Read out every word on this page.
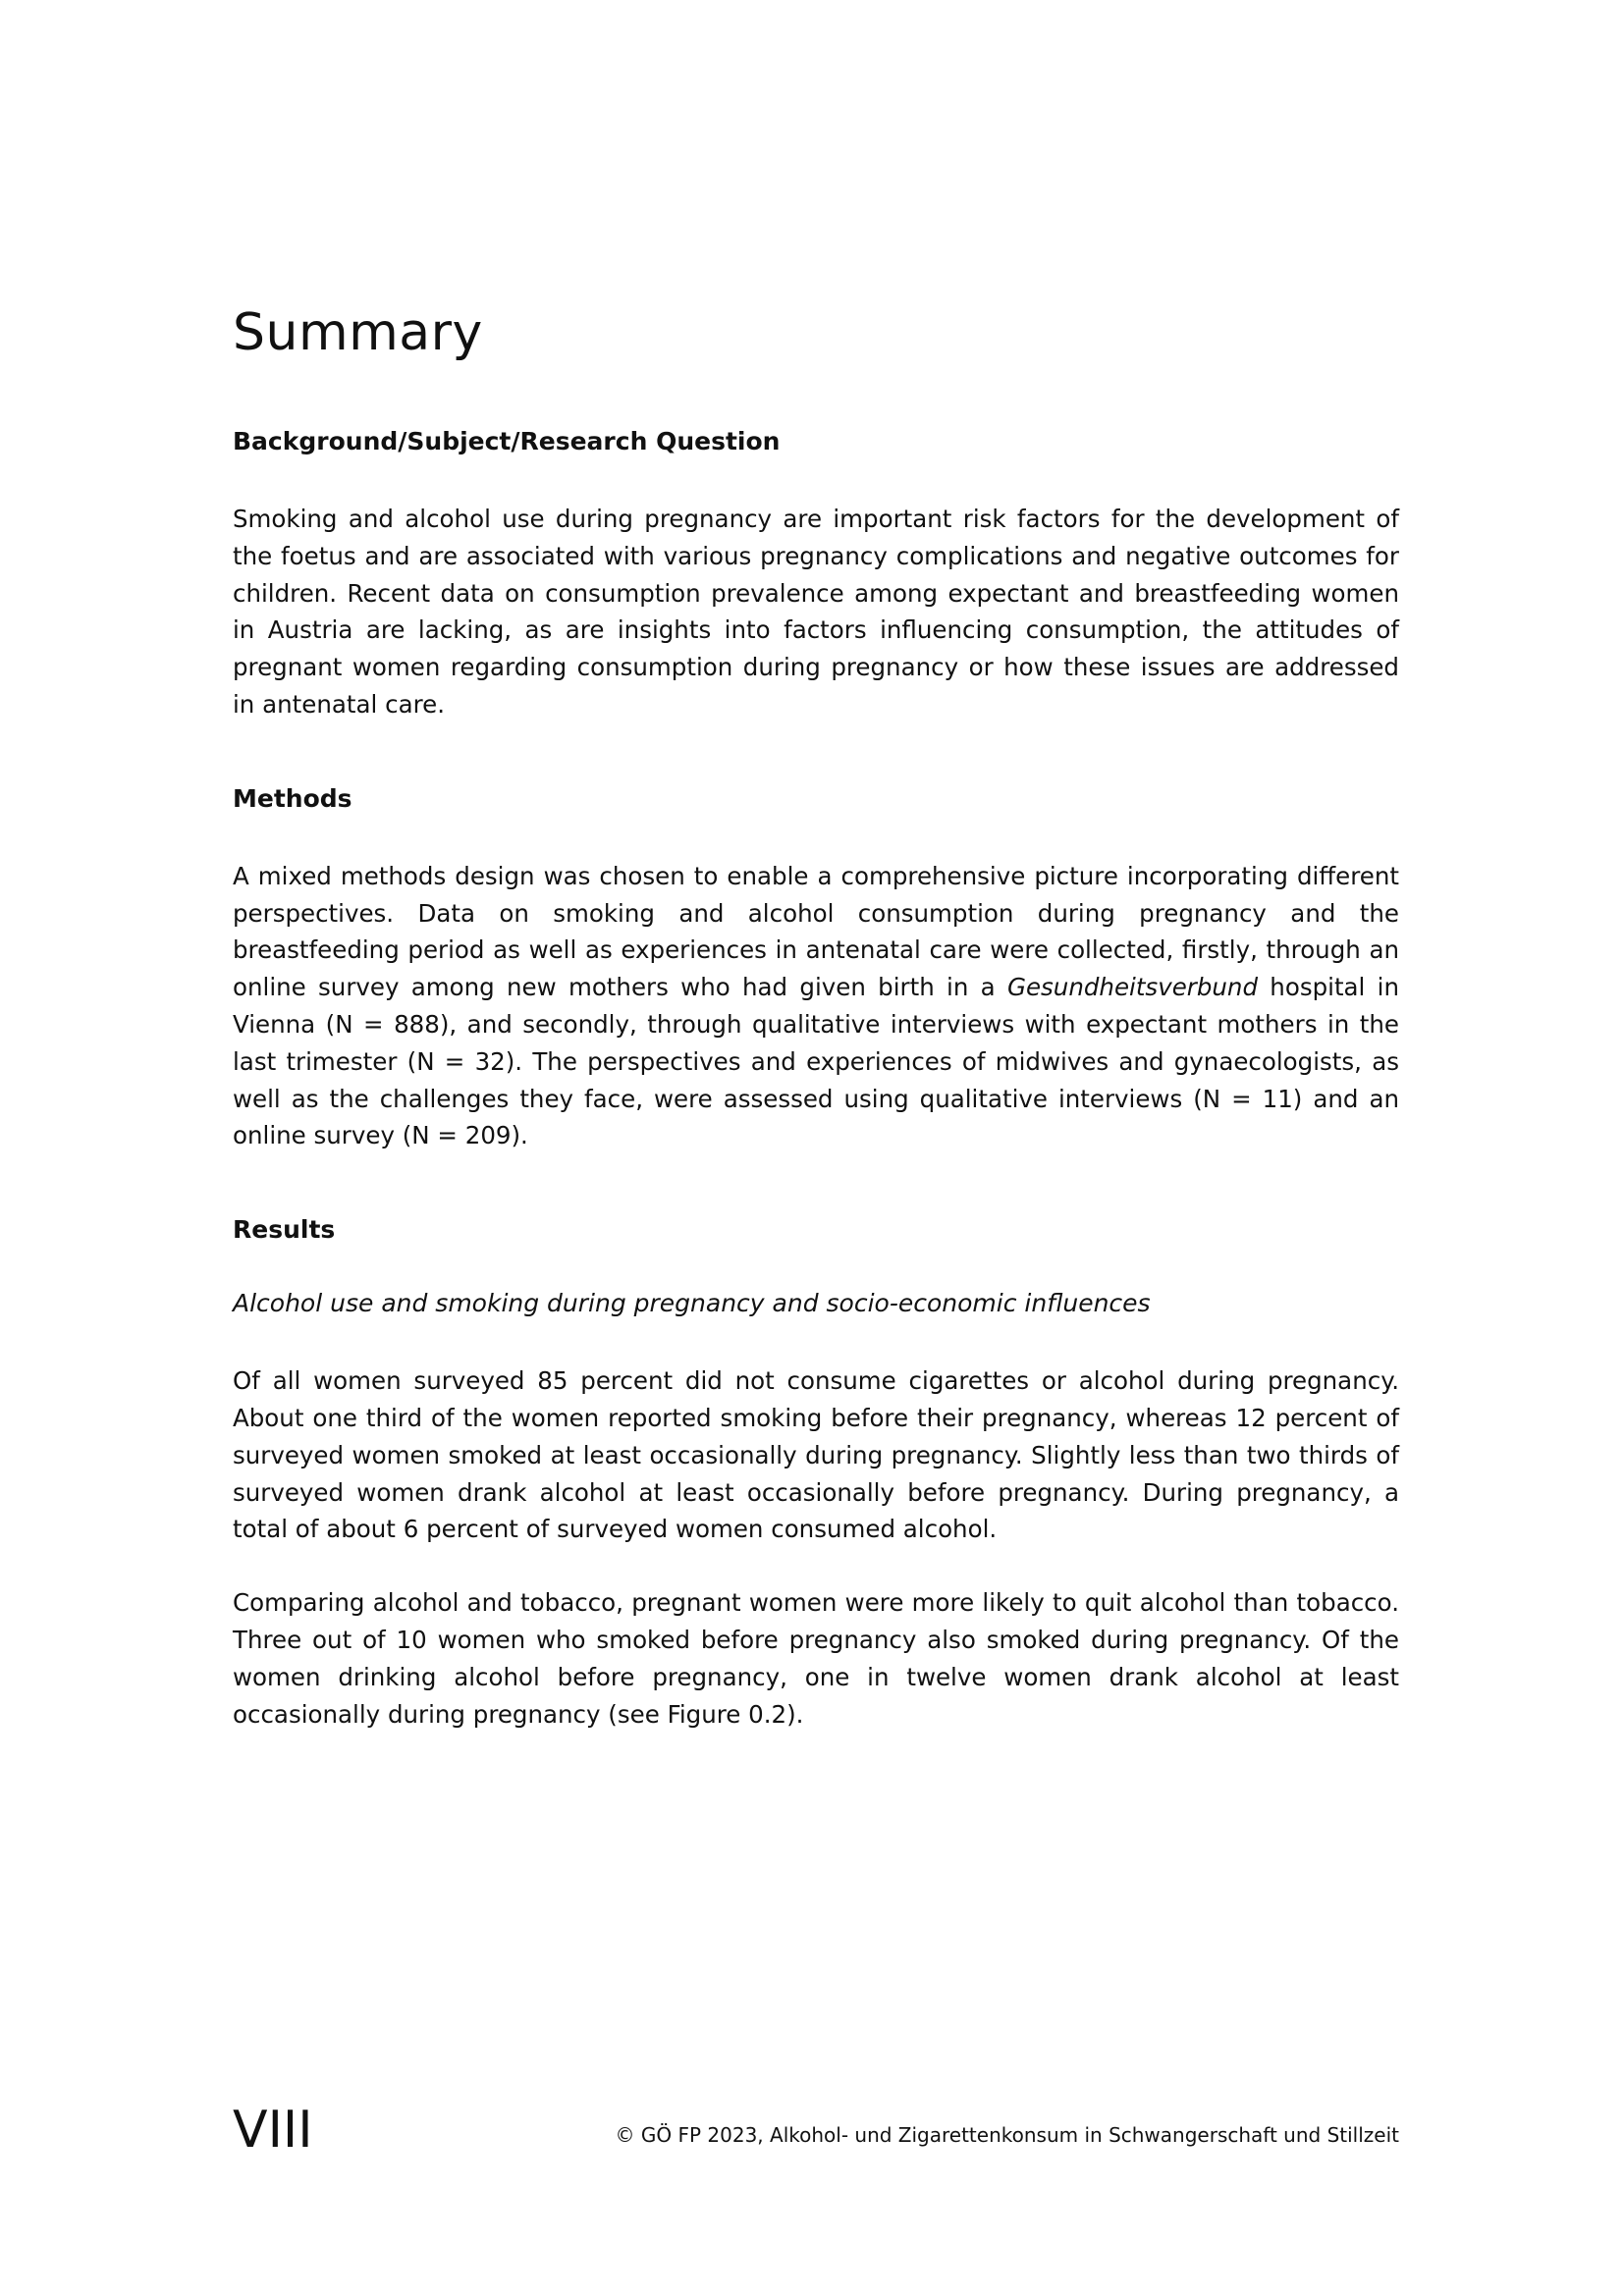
Summary
Background/Subject/Research Question

Smoking and alcohol use during pregnancy are important risk factors for the development of the foetus and are associated with various pregnancy complications and negative outcomes for children. Recent data on consumption prevalence among expectant and breastfeeding women in Austria are lacking, as are insights into factors influencing consumption, the attitudes of pregnant women regarding consumption during pregnancy or how these issues are addressed in antenatal care.

Methods

A mixed methods design was chosen to enable a comprehensive picture incorporating different perspectives. Data on smoking and alcohol consumption during pregnancy and the breastfeeding period as well as experiences in antenatal care were collected, firstly, through an online survey among new mothers who had given birth in a Gesundheitsverbund hospital in Vienna (N = 888), and secondly, through qualitative interviews with expectant mothers in the last trimester (N = 32). The perspectives and experiences of midwives and gynaecologists, as well as the challenges they face, were assessed using qualitative interviews (N = 11) and an online survey (N = 209).

Results

Alcohol use and smoking during pregnancy and socio-economic influences

Of all women surveyed 85 percent did not consume cigarettes or alcohol during pregnancy. About one third of the women reported smoking before their pregnancy, whereas 12 percent of surveyed women smoked at least occasionally during pregnancy. Slightly less than two thirds of surveyed women drank alcohol at least occasionally before pregnancy. During pregnancy, a total of about 6 percent of surveyed women consumed alcohol.

Comparing alcohol and tobacco, pregnant women were more likely to quit alcohol than tobacco. Three out of 10 women who smoked before pregnancy also smoked during pregnancy. Of the women drinking alcohol before pregnancy, one in twelve women drank alcohol at least occasionally during pregnancy (see Figure 0.2).

VIII	© GÖ FP 2023, Alkohol- und Zigarettenkonsum in Schwangerschaft und Stillzeit
